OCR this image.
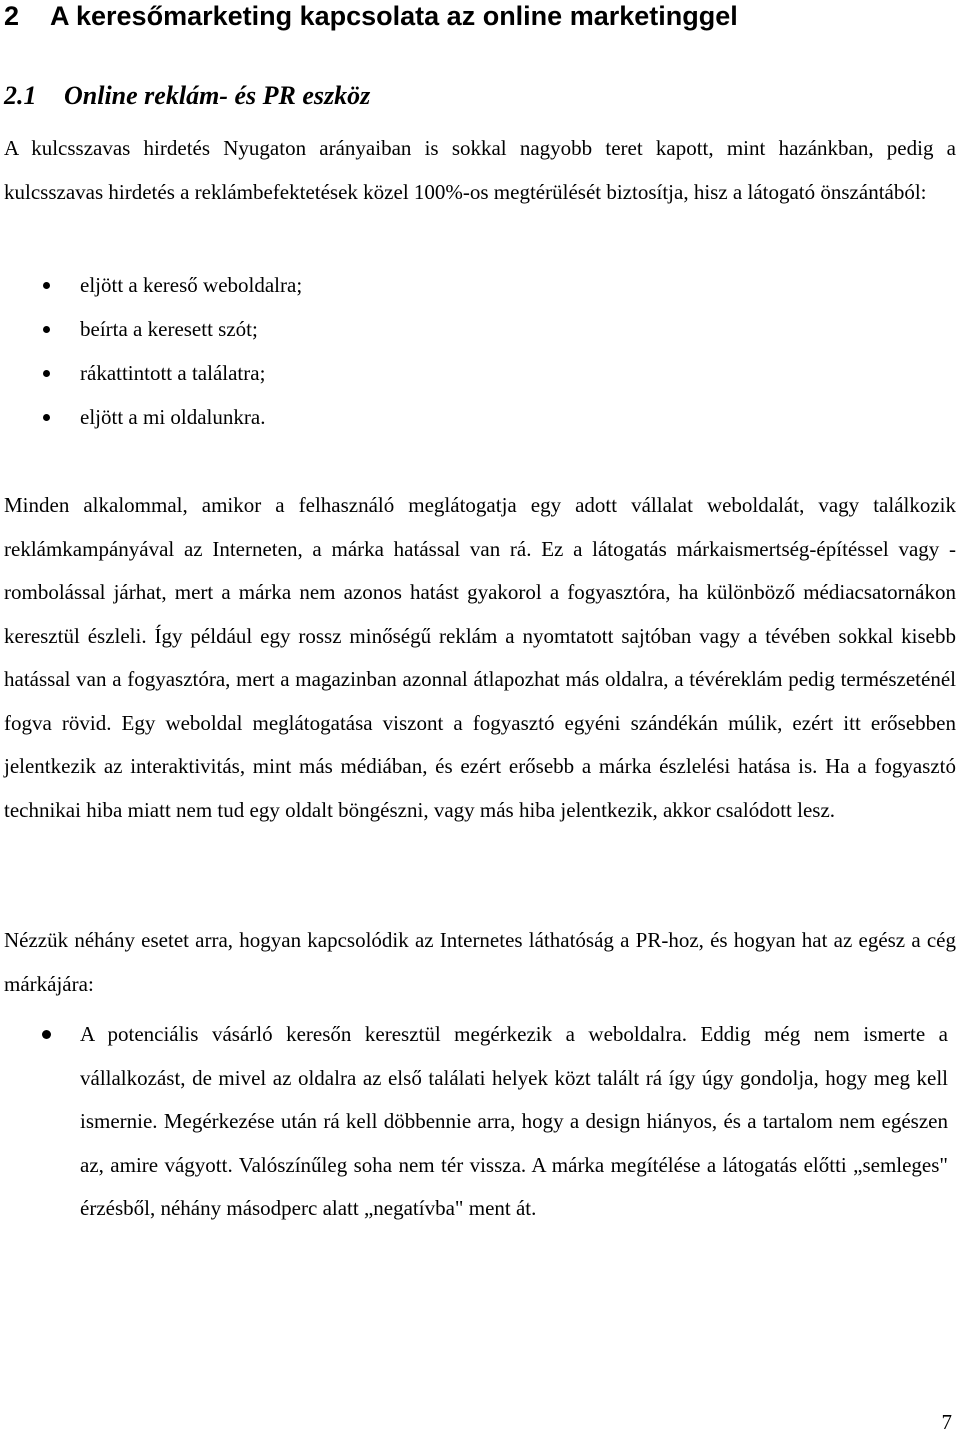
2 A keresőmarketing kapcsolata az online marketinggel
2.1 Online reklám- és PR eszköz

A kulcsszavas hirdetés Nyugaton arányaiban is sokkal nagyobb teret kapott, mint hazánkban, pedig a kulcsszavas hirdetés a reklámbefektetések közel 100%-os megtérülését biztosítja, hisz a látogató önszántából:

eljött a kereső weboldalra;
beírta a keresett szót;
rákattintott a találatra;
eljött a mi oldalunkra.

Minden alkalommal, amikor a felhasználó meglátogatja egy adott vállalat weboldalát, vagy találkozik reklámkampányával az Interneten, a márka hatással van rá. Ez a látogatás márkaismertség-építéssel vagy - rombolással járhat, mert a márka nem azonos hatást gyakorol a fogyasztóra, ha különböző médiacsatornákon keresztül észleli. Így például egy rossz minőségű reklám a nyomtatott sajtóban vagy a tévében sokkal kisebb hatással van a fogyasztóra, mert a magazinban azonnal átlapozhat más oldalra, a tévéreklám pedig természeténél fogva rövid. Egy weboldal meglátogatása viszont a fogyasztó egyéni szándékán múlik, ezért itt erősebben jelentkezik az interaktivitás, mint más médiában, és ezért erősebb a márka észlelési hatása is. Ha a fogyasztó technikai hiba miatt nem tud egy oldalt böngészni, vagy más hiba jelentkezik, akkor csalódott lesz.

Nézzük néhány esetet arra, hogyan kapcsolódik az Internetes láthatóság a PR-hoz, és hogyan hat az egész a cég márkájára:

A potenciális vásárló keresőn keresztül megérkezik a weboldalra. Eddig még nem ismerte a vállalkozást, de mivel az oldalra az első találati helyek közt talált rá így úgy gondolja, hogy meg kell ismernie. Megérkezése után rá kell döbbennie arra, hogy a design hiányos, és a tartalom nem egészen az, amire vágyott. Valószínűleg soha nem tér vissza. A márka megítélése a látogatás előtti „semleges" érzésből, néhány másodperc alatt „negatívba" ment át.
7
